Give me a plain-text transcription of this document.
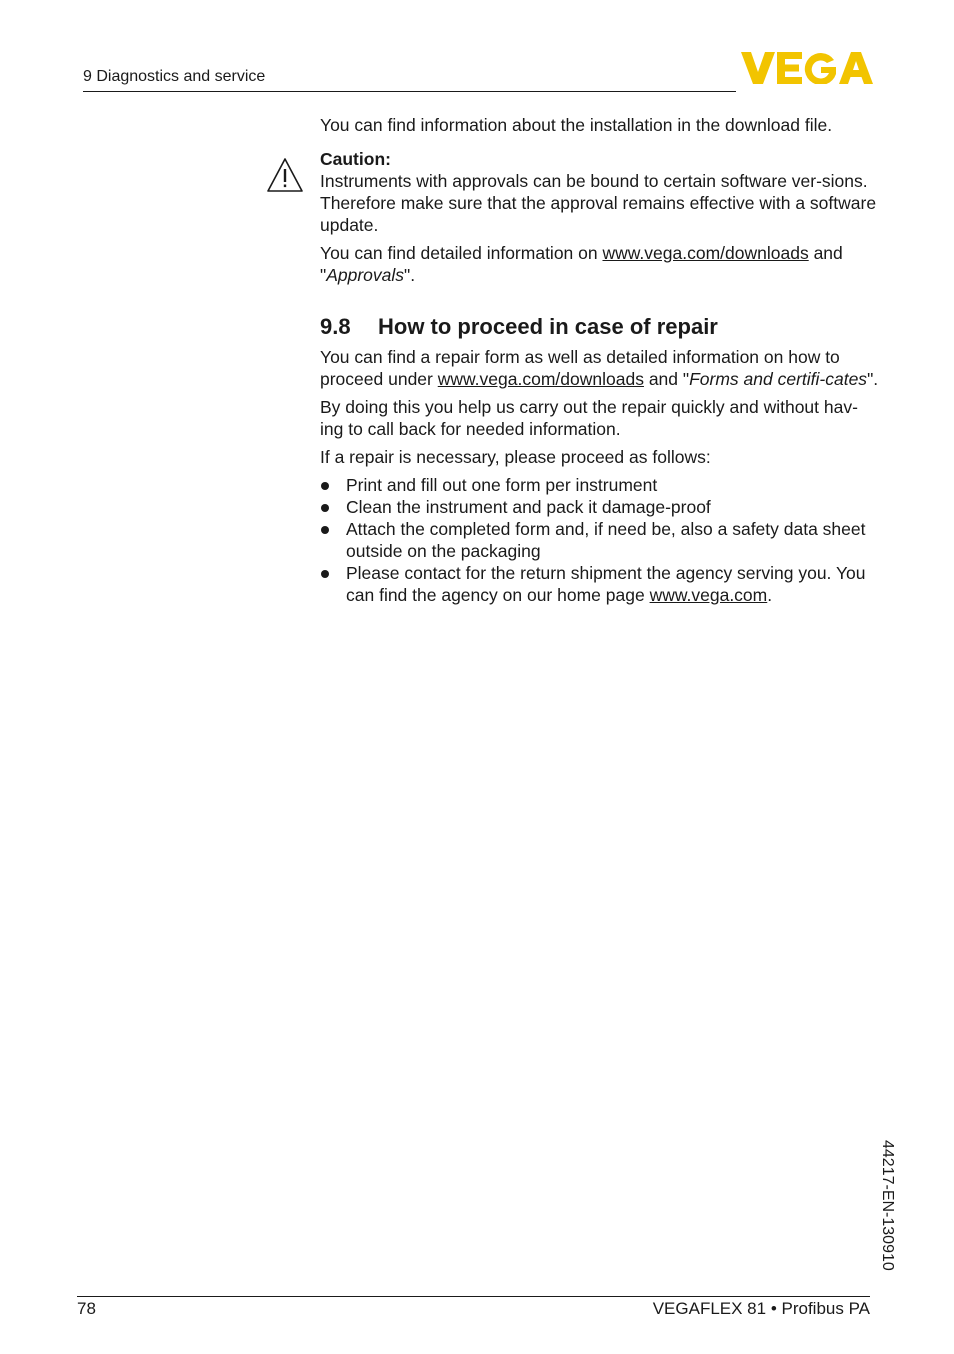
9 Diagnostics and service

You can find information about the installation in the download file.

Caution:

Instruments with approvals can be bound to certain software ver-sions. Therefore make sure that the approval remains effective with a software update.

You can find detailed information on www.vega.com/downloads and "Approvals".

9.8	How to proceed in case of repair

You can find a repair form as well as detailed information on how to proceed under www.vega.com/downloads and "Forms and certifi-cates".

By doing this you help us carry out the repair quickly and without hav-ing to call back for needed information.

If a repair is necessary, please proceed as follows:

Print and fill out one form per instrument
Clean the instrument and pack it damage-proof
Attach the completed form and, if need be, also a safety data sheet outside on the packaging
Please contact for the return shipment the agency serving you. You can find the agency on our home page www.vega.com.
44217-EN-130910
78	VEGAFLEX 81 • Profibus PA
